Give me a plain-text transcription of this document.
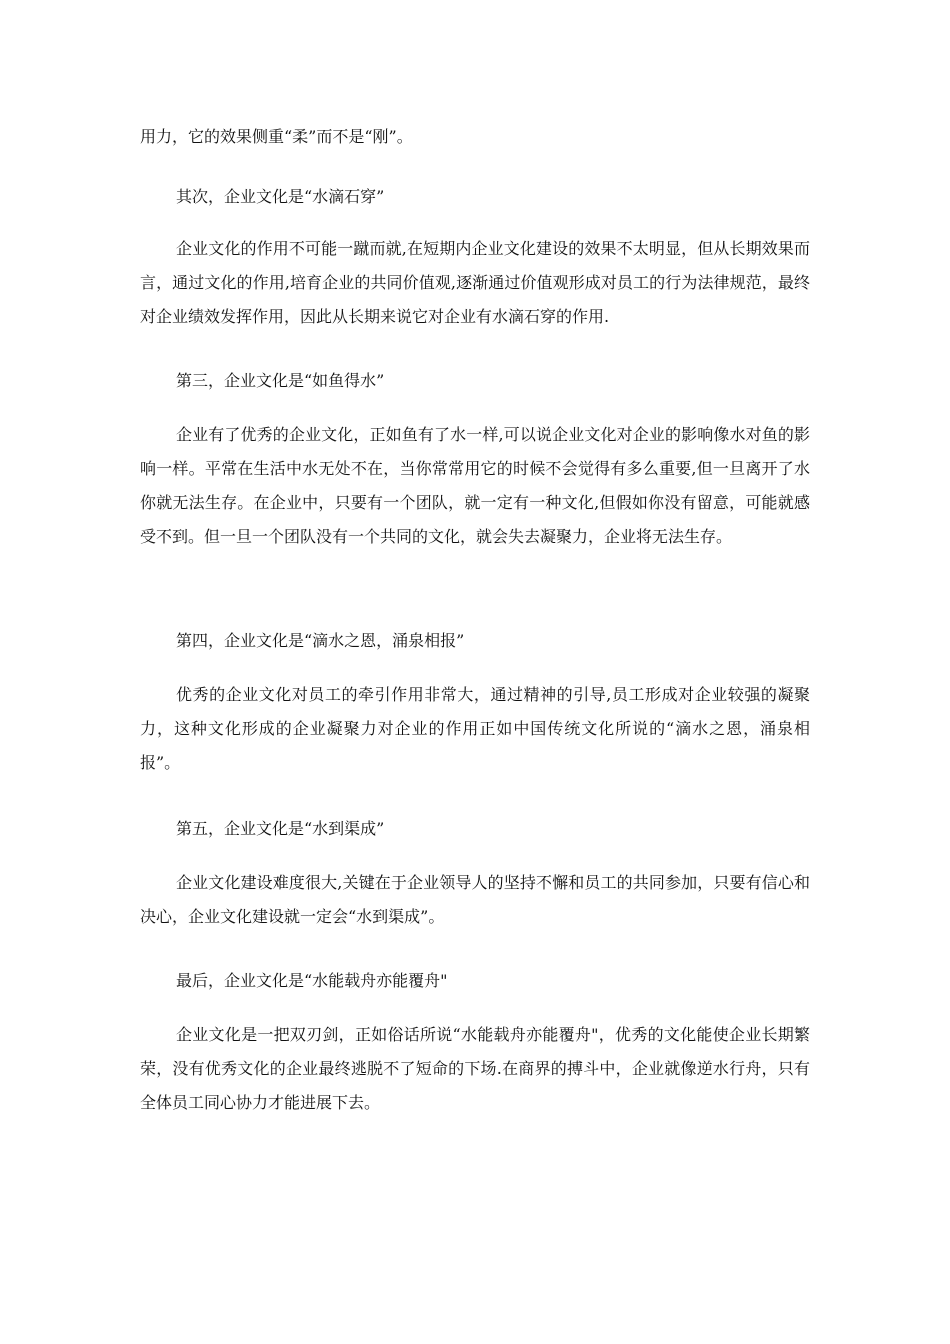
用力，它的效果侧重“柔”而不是“刚”。

其次，企业文化是“水滴石穿”

企业文化的作用不可能一蹴而就,在短期内企业文化建设的效果不太明显，但从长期效果而言，通过文化的作用,培育企业的共同价值观,逐渐通过价值观形成对员工的行为法律规范，最终对企业绩效发挥作用，因此从长期来说它对企业有水滴石穿的作用.

第三，企业文化是“如鱼得水”

企业有了优秀的企业文化，正如鱼有了水一样,可以说企业文化对企业的影响像水对鱼的影响一样。平常在生活中水无处不在，当你常常用它的时候不会觉得有多么重要,但一旦离开了水你就无法生存。在企业中，只要有一个团队，就一定有一种文化,但假如你没有留意，可能就感受不到。但一旦一个团队没有一个共同的文化，就会失去凝聚力，企业将无法生存。

第四，企业文化是“滴水之恩，涌泉相报”

优秀的企业文化对员工的牵引作用非常大，通过精神的引导,员工形成对企业较强的凝聚力，这种文化形成的企业凝聚力对企业的作用正如中国传统文化所说的“滴水之恩，涌泉相报”。

第五，企业文化是“水到渠成”

企业文化建设难度很大,关键在于企业领导人的坚持不懈和员工的共同参加，只要有信心和决心，企业文化建设就一定会“水到渠成”。

最后，企业文化是“水能载舟亦能覆舟"

企业文化是一把双刃剑，正如俗话所说“水能载舟亦能覆舟"，优秀的文化能使企业长期繁荣，没有优秀文化的企业最终逃脱不了短命的下场.在商界的搏斗中，企业就像逆水行舟，只有全体员工同心协力才能进展下去。
